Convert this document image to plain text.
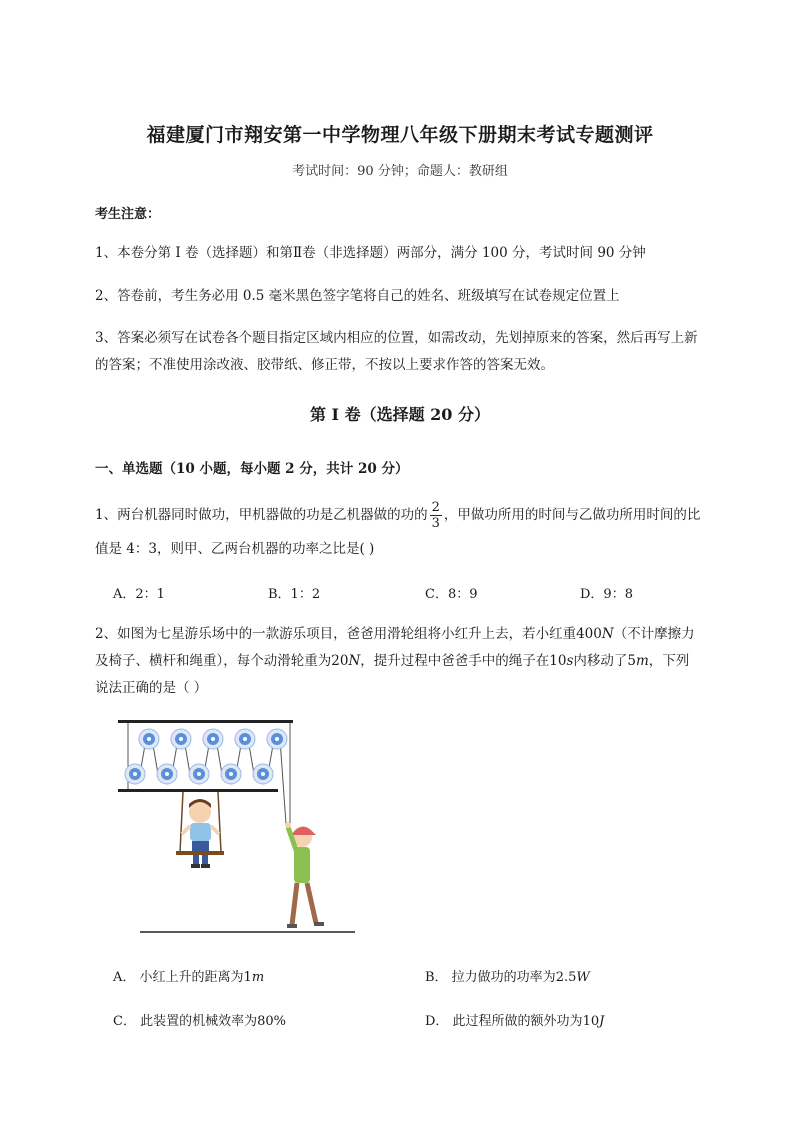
福建厦门市翔安第一中学物理八年级下册期末考试专题测评
考试时间：90 分钟；命题人：教研组
考生注意：
1、本卷分第 I 卷（选择题）和第Ⅱ卷（非选择题）两部分，满分 100 分，考试时间 90 分钟
2、答卷前，考生务必用 0.5 毫米黑色签字笔将自己的姓名、班级填写在试卷规定位置上
3、答案必须写在试卷各个题目指定区域内相应的位置，如需改动，先划掉原来的答案，然后再写上新
的答案；不准使用涂改液、胶带纸、修正带，不按以上要求作答的答案无效。
第 I 卷（选择题 20 分）
一、单选题（10 小题，每小题 2 分，共计 20 分）
1、两台机器同时做功，甲机器做的功是乙机器做的功的 $\frac{2}{3}$ ，甲做功所用的时间与乙做功所用时间的比
值是 4：3，则甲、乙两台机器的功率之比是( )
A．2：1	B．1：2	C．8：9	D．9：8
2、如图为七星游乐场中的一款游乐项目，爸爸用滑轮组将小红升上去，若小红重400N（不计摩擦力
及椅子、横杆和绳重），每个动滑轮重为20N，提升过程中爸爸手中的绳子在10s内移动了5m，下列
说法正确的是（ ）
A． 小红上升的距离为1m	B． 拉力做功的功率为2.5W
C． 此装置的机械效率为80%	D． 此过程所做的额外功为10J
